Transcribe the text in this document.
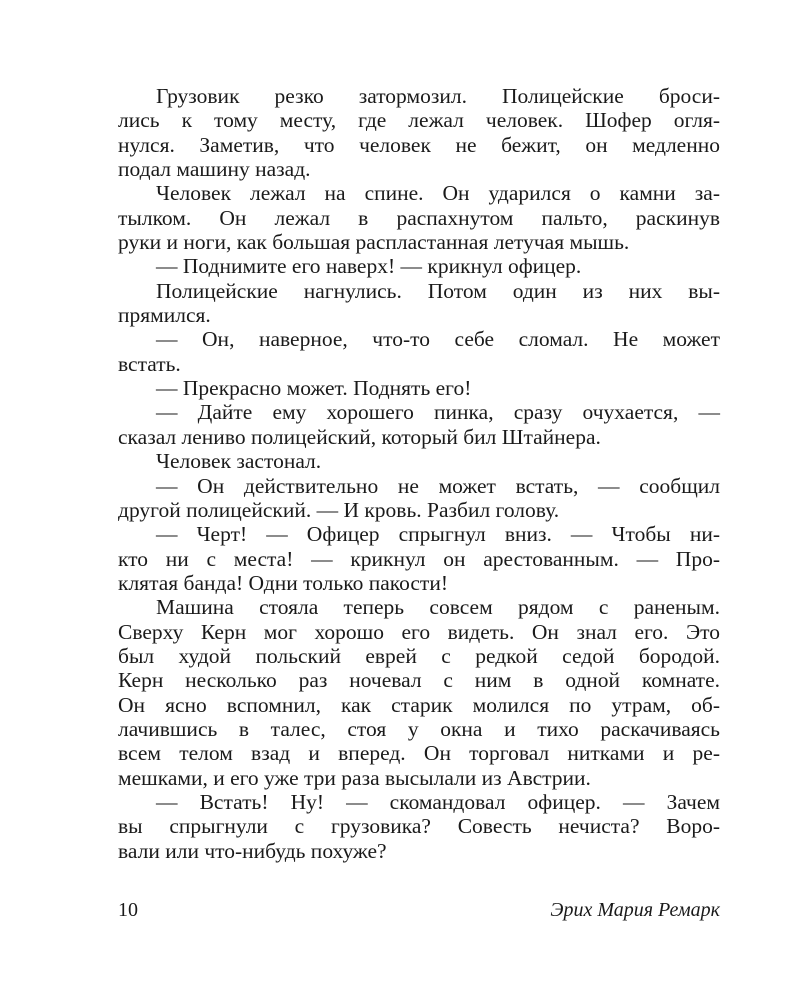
Грузовик резко затормозил. Полицейские броси-
лись к тому месту, где лежал человек. Шофер огля-
нулся. Заметив, что человек не бежит, он медленно
подал машину назад.
Человек лежал на спине. Он ударился о камни за-
тылком. Он лежал в распахнутом пальто, раскинув
руки и ноги, как большая распластанная летучая мышь.
— Поднимите его наверх! — крикнул офицер.
Полицейские нагнулись. Потом один из них вы-
прямился.
— Он, наверное, что-то себе сломал. Не может
встать.
— Прекрасно может. Поднять его!
— Дайте ему хорошего пинка, сразу очухается, —
сказал лениво полицейский, который бил Штайнера.
Человек застонал.
— Он действительно не может встать, — сообщил
другой полицейский. — И кровь. Разбил голову.
— Черт! — Офицер спрыгнул вниз. — Чтобы ни-
кто ни с места! — крикнул он арестованным. — Про-
клятая банда! Одни только пакости!
Машина стояла теперь совсем рядом с раненым.
Сверху Керн мог хорошо его видеть. Он знал его. Это
был худой польский еврей с редкой седой бородой.
Керн несколько раз ночевал с ним в одной комнате.
Он ясно вспомнил, как старик молился по утрам, об-
лачившись в талес, стоя у окна и тихо раскачиваясь
всем телом взад и вперед. Он торговал нитками и ре-
мешками, и его уже три раза высылали из Австрии.
— Встать! Ну! — скомандовал офицер. — Зачем
вы спрыгнули с грузовика? Совесть нечиста? Воро-
вали или что-нибудь похуже?
10	Эрих Мария Ремарк
